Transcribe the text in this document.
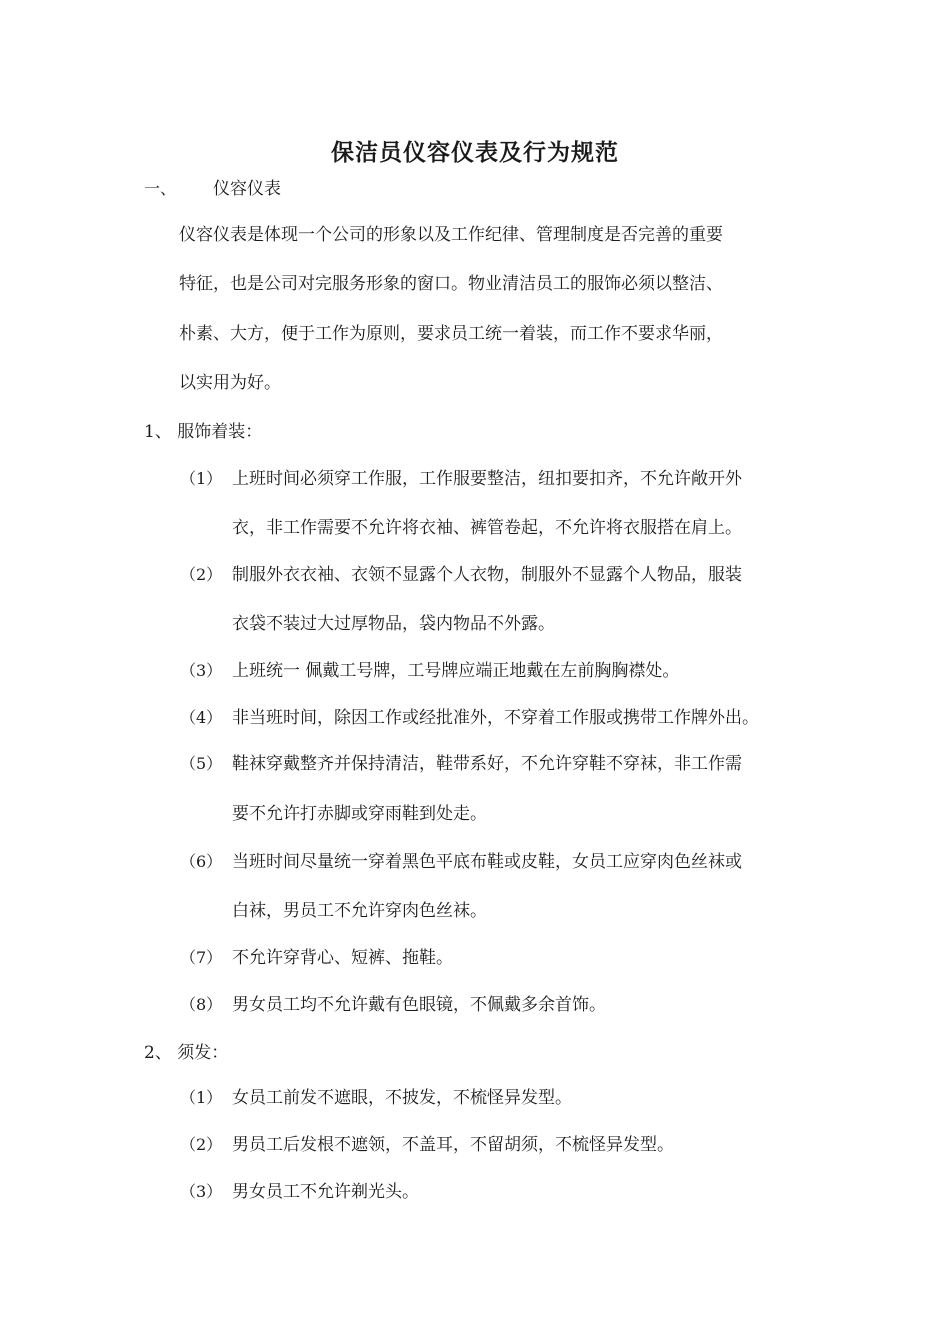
保洁员仪容仪表及行为规范
一、 仪容仪表
仪容仪表是体现一个公司的形象以及工作纪律、管理制度是否完善的重要
特征，也是公司对完服务形象的窗口。物业清洁员工的服饰必须以整洁、
朴素、大方，便于工作为原则，要求员工统一着装，而工作不要求华丽，
以实用为好。
1、 服饰着装：
（1） 上班时间必须穿工作服，工作服要整洁，纽扣要扣齐，不允许敞开外
衣，非工作需要不允许将衣袖、裤管卷起，不允许将衣服搭在肩上。
（2） 制服外衣衣袖、衣领不显露个人衣物，制服外不显露个人物品，服装
衣袋不装过大过厚物品，袋内物品不外露。
（3） 上班统一 佩戴工号牌，工号牌应端正地戴在左前胸胸襟处。
（4） 非当班时间，除因工作或经批准外，不穿着工作服或携带工作牌外出。
（5） 鞋袜穿戴整齐并保持清洁，鞋带系好，不允许穿鞋不穿袜，非工作需
要不允许打赤脚或穿雨鞋到处走。
（6） 当班时间尽量统一穿着黑色平底布鞋或皮鞋，女员工应穿肉色丝袜或
白袜，男员工不允许穿肉色丝袜。
（7） 不允许穿背心、短裤、拖鞋。
（8） 男女员工均不允许戴有色眼镜，不佩戴多余首饰。
2、 须发：
（1） 女员工前发不遮眼，不披发，不梳怪异发型。
（2） 男员工后发根不遮领，不盖耳，不留胡须，不梳怪异发型。
（3） 男女员工不允许剃光头。
